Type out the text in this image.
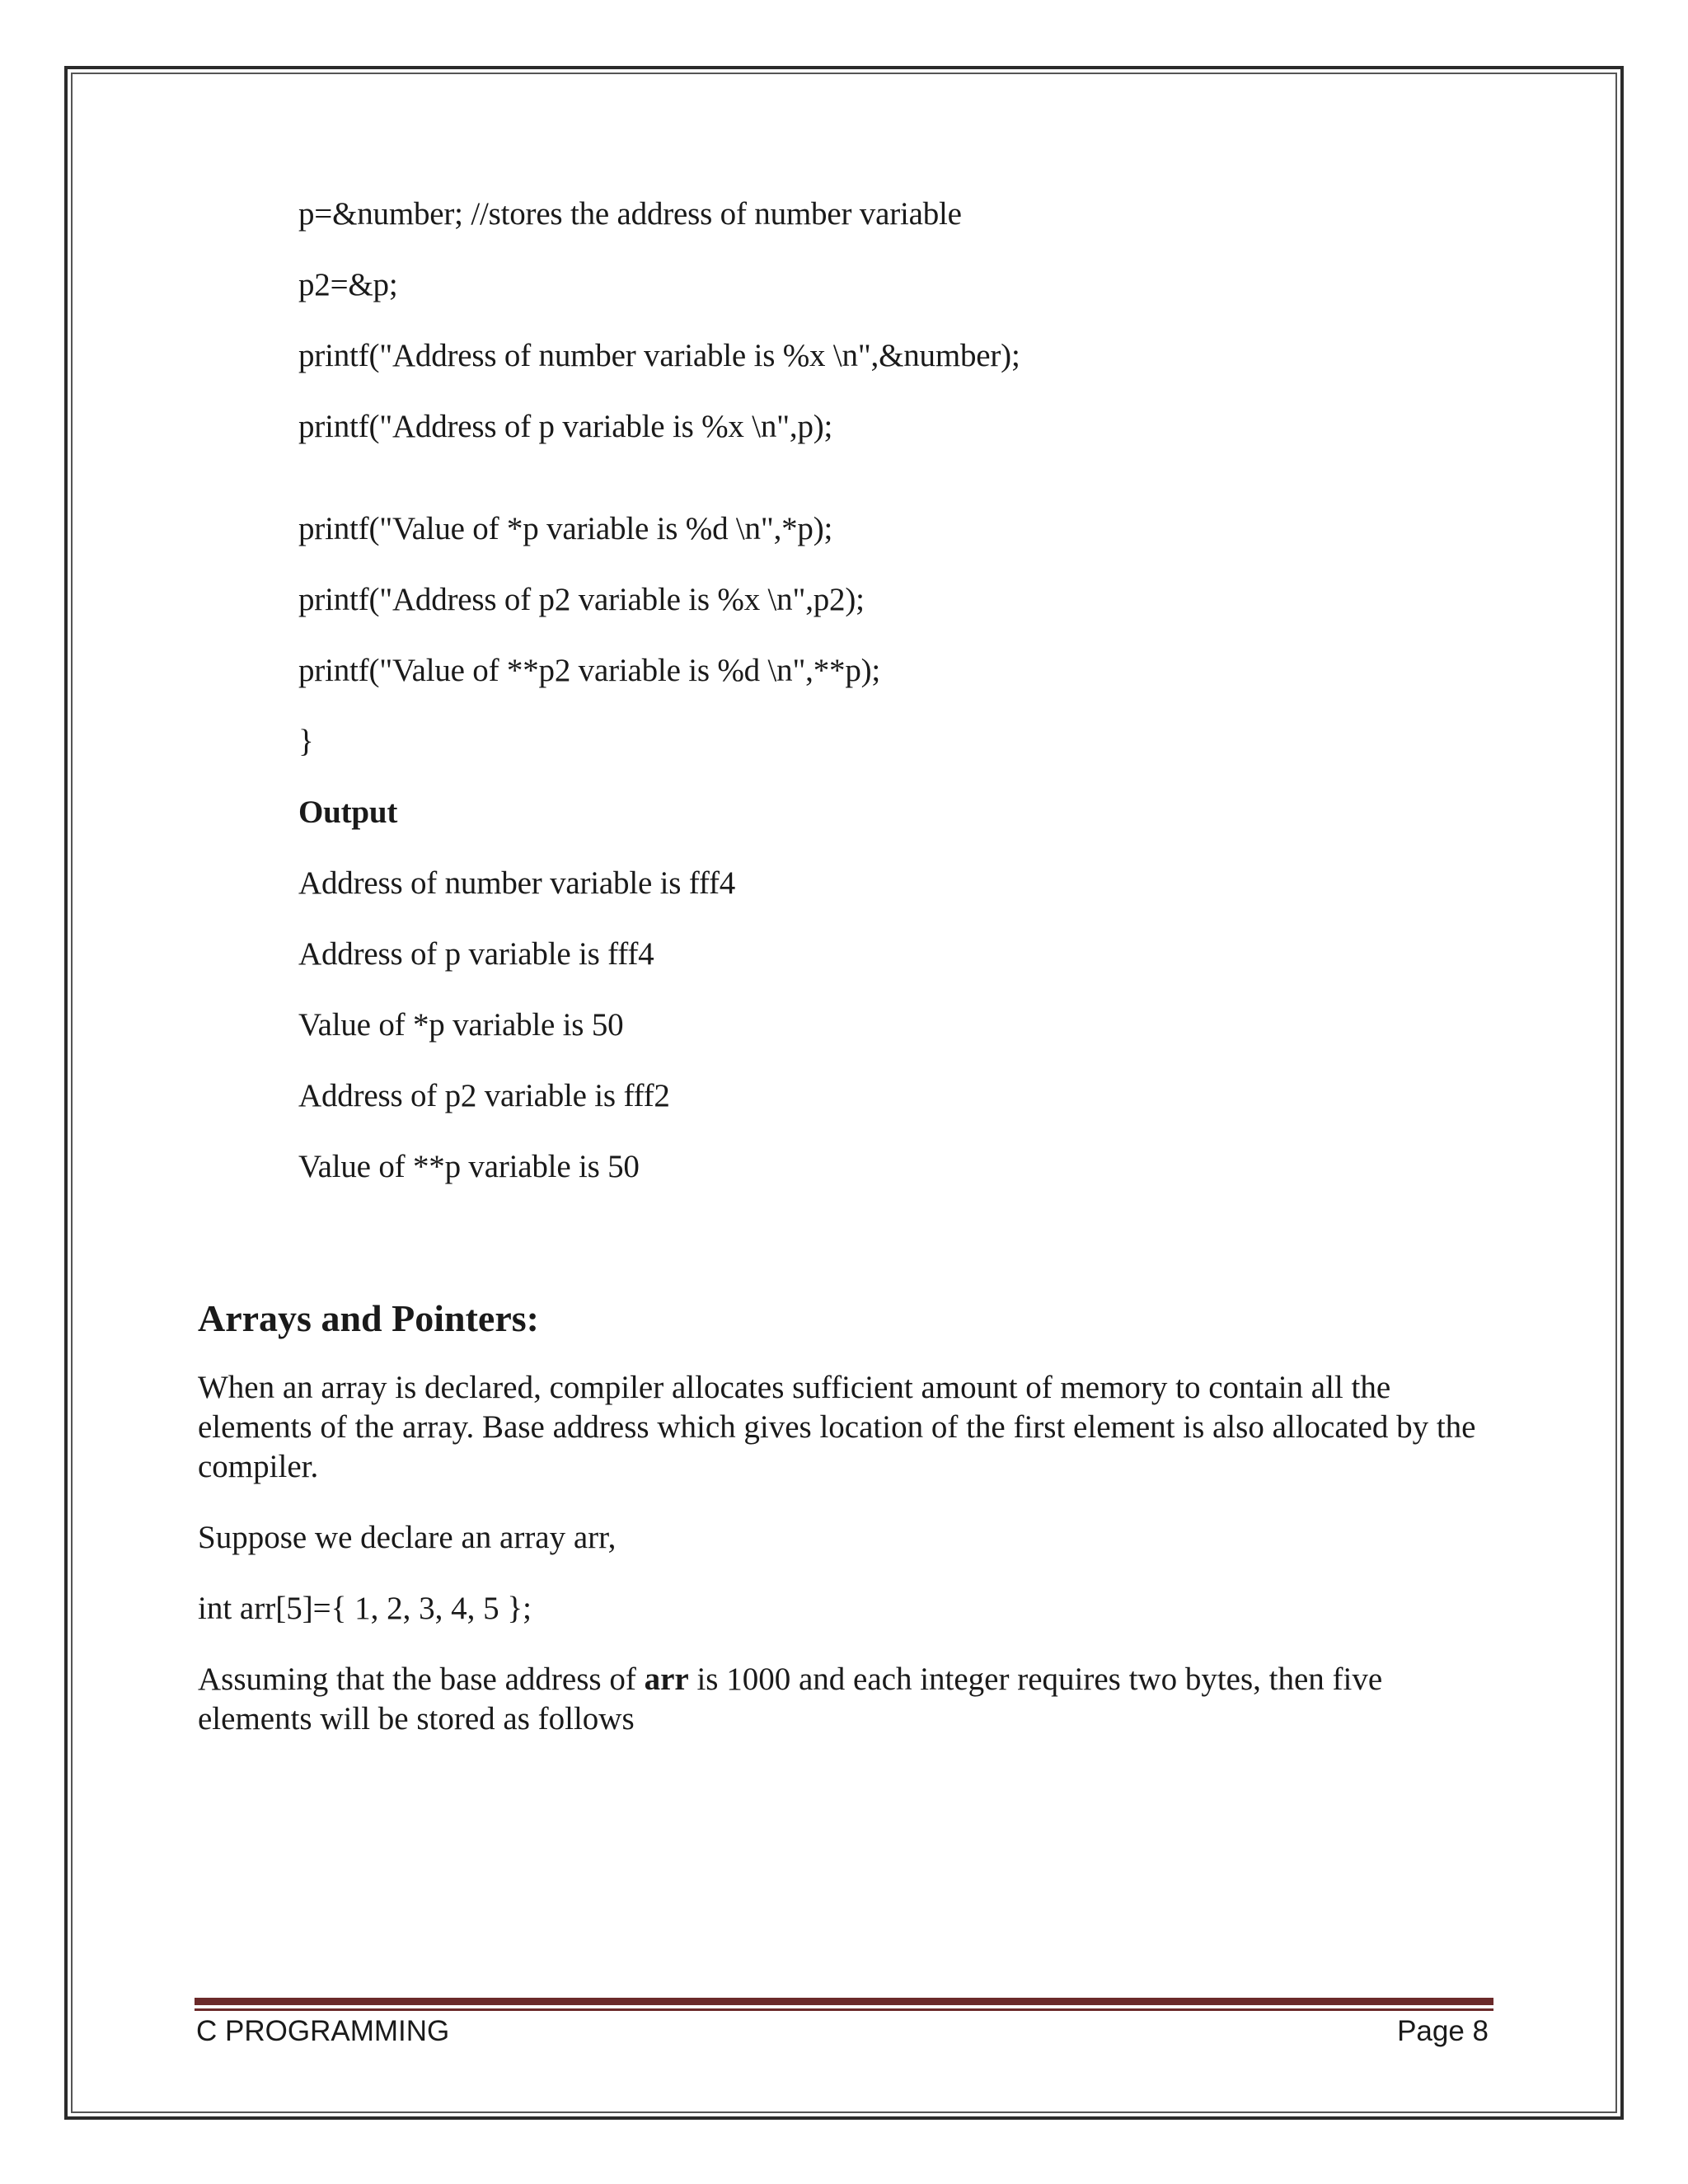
p=&number; //stores the address of number variable
p2=&p;
printf("Address of number variable is %x \n",&number);
printf("Address of p variable is %x \n",p);
printf("Value of *p variable is %d \n",*p);
printf("Address of p2 variable is %x \n",p2);
printf("Value of **p2 variable is %d \n",**p);
}
Output
Address of number variable is fff4
Address of p variable is fff4
Value of *p variable is 50
Address of p2 variable is fff2
Value of **p variable is 50
Arrays and Pointers:
When an array is declared, compiler allocates sufficient amount of memory to contain all the elements of the array. Base address which gives location of the first element is also allocated by the compiler.
Suppose we declare an array arr,
int arr[5]={ 1, 2, 3, 4, 5 };
Assuming that the base address of arr is 1000 and each integer requires two bytes, then five elements will be stored as follows
C PROGRAMMING	Page 8
